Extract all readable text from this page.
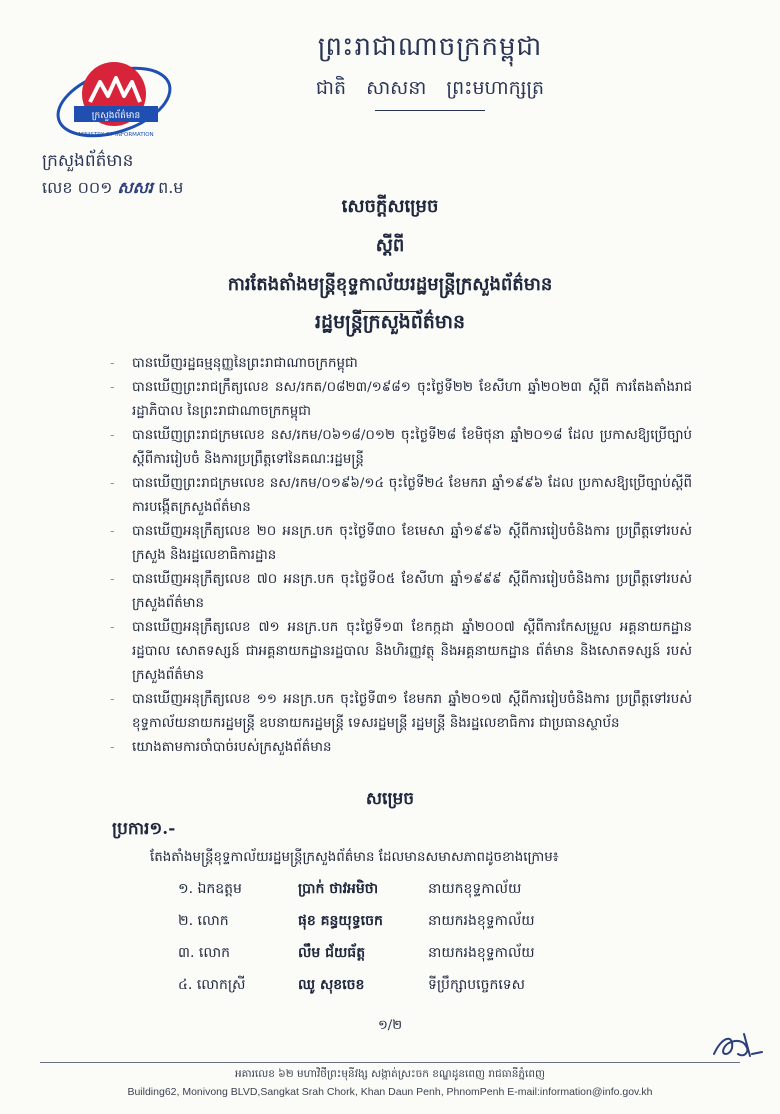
ព្រះរាជាណាចក្រកម្ពុជា
ជាតិ សាសនា ព្រះមហាក្សត្រ
ក្រសួងព័ត៌មាន
MINISTRY OF INFORMATION
ក្រសួងព័ត៌មាន
លេខ ០០១ សសរ ព.ម
សេចក្តីសម្រេច
ស្តីពី
ការតែងតាំងមន្ត្រីខុទ្ទកាល័យរដ្ឋមន្ត្រីក្រសួងព័ត៌មាន
រដ្ឋមន្ត្រីក្រសួងព័ត៌មាន
- បានឃើញរដ្ឋធម្មនុញ្ញនៃព្រះរាជាណាចក្រកម្ពុជា
- បានឃើញព្រះរាជក្រឹត្យលេខ នស/រកត/០៨២៣/១៩៨១ ចុះថ្ងៃទី២២ ខែសីហា ឆ្នាំ២០២៣ ស្តីពី ការតែងតាំងរាជរដ្ឋាភិបាល នៃព្រះរាជាណាចក្រកម្ពុជា
- បានឃើញព្រះរាជក្រមលេខ នស/រកម/០៦១៨/០១២ ចុះថ្ងៃទី២៨ ខែមិថុនា ឆ្នាំ២០១៨ ដែល ប្រកាសឱ្យប្រើច្បាប់ស្តីពីការរៀបចំ និងការប្រព្រឹត្តទៅនៃគណៈរដ្ឋមន្ត្រី
- បានឃើញព្រះរាជក្រមលេខ នស/រកម/០១៩៦/១៤ ចុះថ្ងៃទី២៤ ខែមករា ឆ្នាំ១៩៩៦ ដែល ប្រកាសឱ្យប្រើច្បាប់ស្តីពីការបង្កើតក្រសួងព័ត៌មាន
- បានឃើញអនុក្រឹត្យលេខ ២០ អនក្រ.បក ចុះថ្ងៃទី៣០ ខែមេសា ឆ្នាំ១៩៩៦ ស្តីពីការរៀបចំនិងការ ប្រព្រឹត្តទៅរបស់ក្រសួង និងរដ្ឋលេខាធិការដ្ឋាន
- បានឃើញអនុក្រឹត្យលេខ ៧០ អនក្រ.បក ចុះថ្ងៃទី០៥ ខែសីហា ឆ្នាំ១៩៩៩ ស្តីពីការរៀបចំនិងការ ប្រព្រឹត្តទៅរបស់ក្រសួងព័ត៌មាន
- បានឃើញអនុក្រឹត្យលេខ ៧១ អនក្រ.បក ចុះថ្ងៃទី១៣ ខែកក្កដា ឆ្នាំ២០០៧ ស្តីពីការកែសម្រួល អគ្គនាយកដ្ឋានរដ្ឋបាល សោតទស្សន៍ ជាអគ្គនាយកដ្ឋានរដ្ឋបាល និងហិរញ្ញវត្ថុ និងអគ្គនាយកដ្ឋាន ព័ត៌មាន និងសោតទស្សន៍ របស់ក្រសួងព័ត៌មាន
- បានឃើញអនុក្រឹត្យលេខ ១១ អនក្រ.បក ចុះថ្ងៃទី៣១ ខែមករា ឆ្នាំ២០១៧ ស្តីពីការរៀបចំនិងការ ប្រព្រឹត្តទៅរបស់ខុទ្ទកាល័យនាយករដ្ឋមន្ត្រី ឧបនាយករដ្ឋមន្ត្រី ទេសរដ្ឋមន្ត្រី រដ្ឋមន្ត្រី និងរដ្ឋលេខាធិការ ជាប្រធានស្ថាប័ន
- យោងតាមការចាំបាច់របស់ក្រសួងព័ត៌មាន
សម្រេច
ប្រការ១.-
តែងតាំងមន្ត្រីខុទ្ទកាល័យរដ្ឋមន្ត្រីក្រសួងព័ត៌មាន ដែលមានសមាសភាពដូចខាងក្រោម៖
១. ឯកឧត្តម	ប្រាក់ ថាវអមិថា	នាយកខុទ្ទកាល័យ
២. លោក	ផុខ គន្ធយុទ្ធចេក	នាយករងខុទ្ទកាល័យ
៣. លោក	លឹម ជ័យធ័ត្ត	នាយករងខុទ្ទកាល័យ
៤. លោកស្រី	ឈូ សុខចេខ	ទីប្រឹក្សាបច្ចេកទេស
១/២
អគារលេខ ៦២ មហាវិថីព្រះមុនីវង្ស សង្កាត់ស្រះចក ខណ្ឌដូនពេញ រាជធានីភ្នំពេញ
Building62, Monivong BLVD,Sangkat Srah Chork, Khan Daun Penh, PhnomPenh E-mail:information@info.gov.kh
